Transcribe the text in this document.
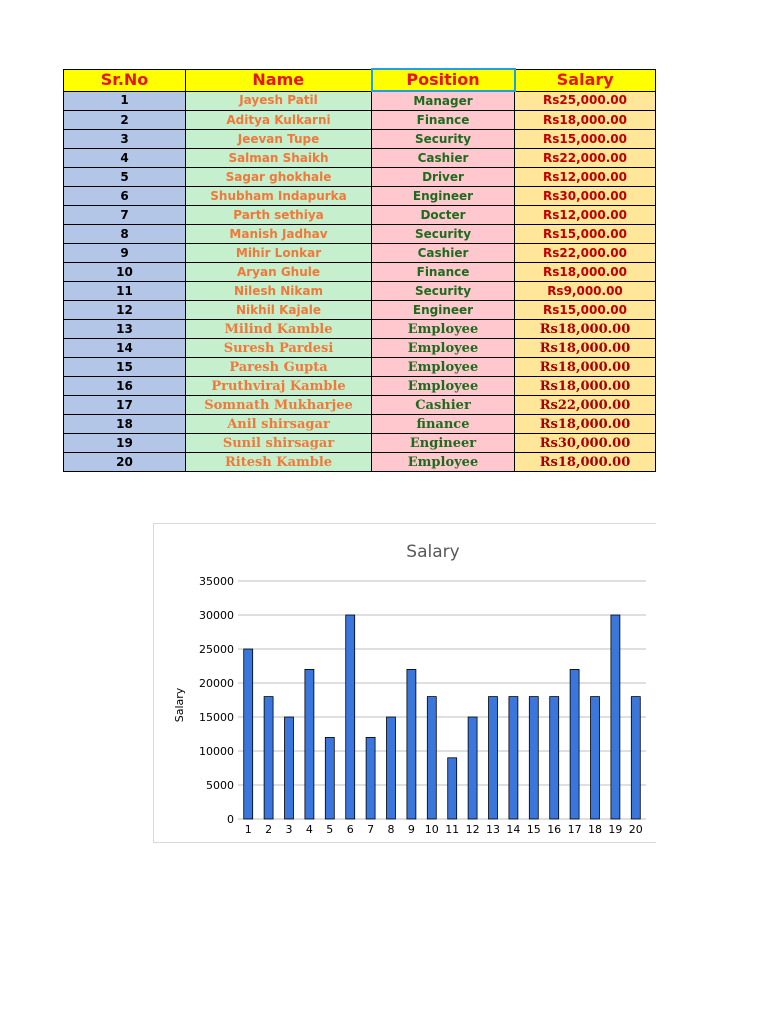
Sr.No	Name	Position	Salary
1	Jayesh Patil	Manager	Rs25,000.00
2	Aditya Kulkarni	Finance	Rs18,000.00
3	Jeevan Tupe	Security	Rs15,000.00
4	Salman Shaikh	Cashier	Rs22,000.00
5	Sagar ghokhale	Driver	Rs12,000.00
6	Shubham Indapurka	Engineer	Rs30,000.00
7	Parth sethiya	Docter	Rs12,000.00
8	Manish Jadhav	Security	Rs15,000.00
9	Mihir Lonkar	Cashier	Rs22,000.00
10	Aryan Ghule	Finance	Rs18,000.00
11	Nilesh Nikam	Security	Rs9,000.00
12	Nikhil Kajale	Engineer	Rs15,000.00
13	Milind Kamble	Employee	Rs18,000.00
14	Suresh Pardesi	Employee	Rs18,000.00
15	Paresh Gupta	Employee	Rs18,000.00
16	Pruthviraj Kamble	Employee	Rs18,000.00
17	Somnath Mukharjee	Cashier	Rs22,000.00
18	Anil shirsagar	finance	Rs18,000.00
19	Sunil shirsagar	Engineer	Rs30,000.00
20	Ritesh Kamble	Employee	Rs18,000.00
Salary
Salary
0
5000
10000
15000
20000
25000
30000
35000
1 2 3 4 5 6 7 8 9 10 11 12 13 14 15 16 17 18 19 20
